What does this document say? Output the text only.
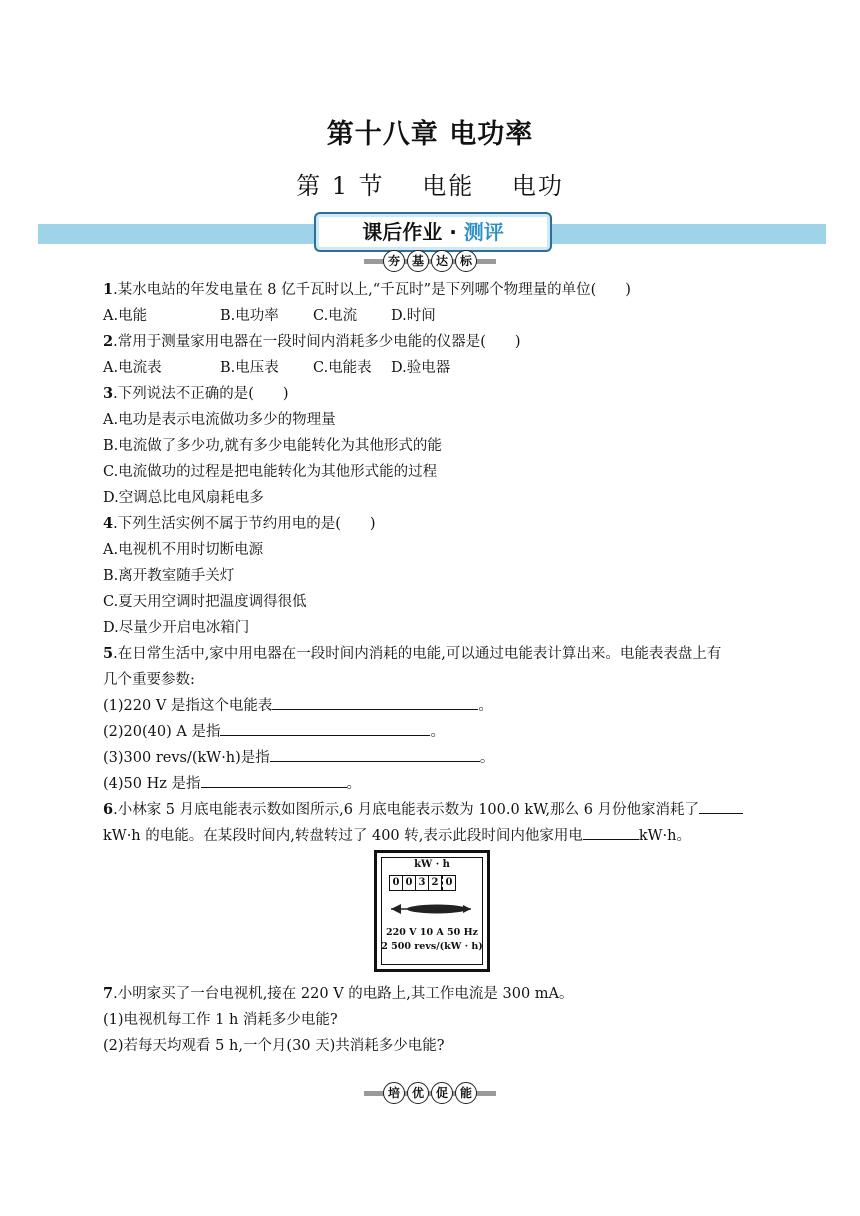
第十八章 电功率
第 1 节 电能 电功
课后作业 · 测评
夯 基 达 标
1.某水电站的年发电量在 8 亿千瓦时以上,“千瓦时”是下列哪个物理量的单位(　　)
A.电能	B.电功率 C.电流 D.时间
2.常用于测量家用电器在一段时间内消耗多少电能的仪器是(　　)
A.电流表	B.电压表 C.电能表 D.验电器
3.下列说法不正确的是(　　)
A.电功是表示电流做功多少的物理量
B.电流做了多少功,就有多少电能转化为其他形式的能
C.电流做功的过程是把电能转化为其他形式能的过程
D.空调总比电风扇耗电多
4.下列生活实例不属于节约用电的是(　　)
A.电视机不用时切断电源
B.离开教室随手关灯
C.夏天用空调时把温度调得很低
D.尽量少开启电冰箱门
5.在日常生活中,家中用电器在一段时间内消耗的电能,可以通过电能表计算出来。电能表表盘上有
几个重要参数:
(1)220 V 是指这个电能表	。
(2)20(40) A 是指	。
(3)300 revs/(kW·h)是指	。
(4)50 Hz 是指	。
6.小林家 5 月底电能表示数如图所示,6 月底电能表示数为 100.0 kW,那么 6 月份他家消耗了
kW·h 的电能。在某段时间内,转盘转过了 400 转,表示此段时间内他家用电	kW·h。
kW · h
0 0 3 2 0
220 V 10 A 50 Hz
2 500 revs/(kW · h)
7.小明家买了一台电视机,接在 220 V 的电路上,其工作电流是 300 mA。
(1)电视机每工作 1 h 消耗多少电能?
(2)若每天均观看 5 h,一个月(30 天)共消耗多少电能?
培 优 促 能
